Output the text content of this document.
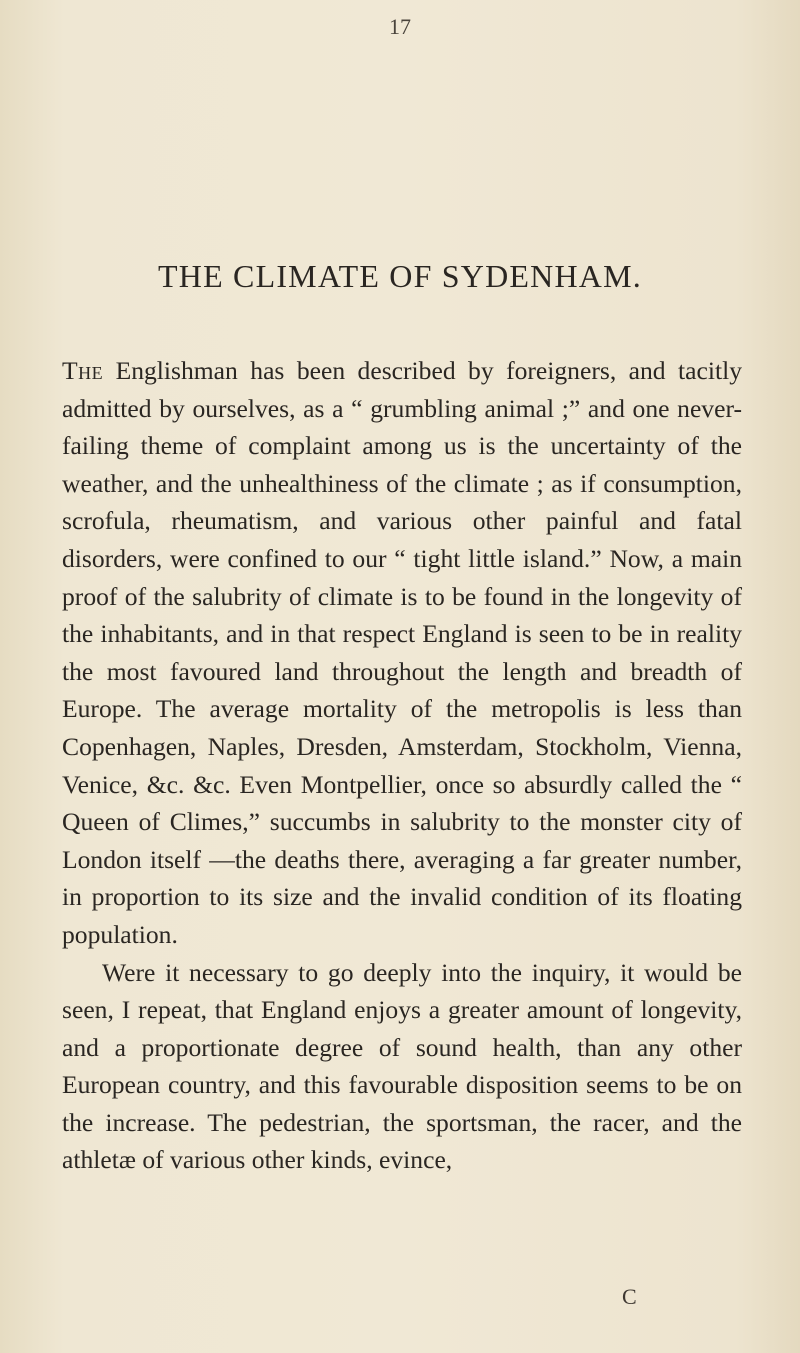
17
THE CLIMATE OF SYDENHAM.

The Englishman has been described by foreigners, and tacitly admitted by ourselves, as a “ grumbling animal ;” and one never-failing theme of complaint among us is the uncertainty of the weather, and the unhealthiness of the climate ; as if consumption, scrofula, rheumatism, and various other painful and fatal disorders, were confined to our “ tight little island.” Now, a main proof of the salubrity of climate is to be found in the longevity of the inhabitants, and in that respect England is seen to be in reality the most favoured land throughout the length and breadth of Europe. The average mortality of the metropolis is less than Copenhagen, Naples, Dresden, Amsterdam, Stockholm, Vienna, Venice, &c. &c. Even Montpellier, once so absurdly called the “ Queen of Climes,” succumbs in salubrity to the monster city of London itself —the deaths there, averaging a far greater number, in proportion to its size and the invalid condition of its floating population.

Were it necessary to go deeply into the inquiry, it would be seen, I repeat, that England enjoys a greater amount of longevity, and a proportionate degree of sound health, than any other European country, and this favourable disposition seems to be on the increase. The pedestrian, the sportsman, the racer, and the athletæ of various other kinds, evince,

C
